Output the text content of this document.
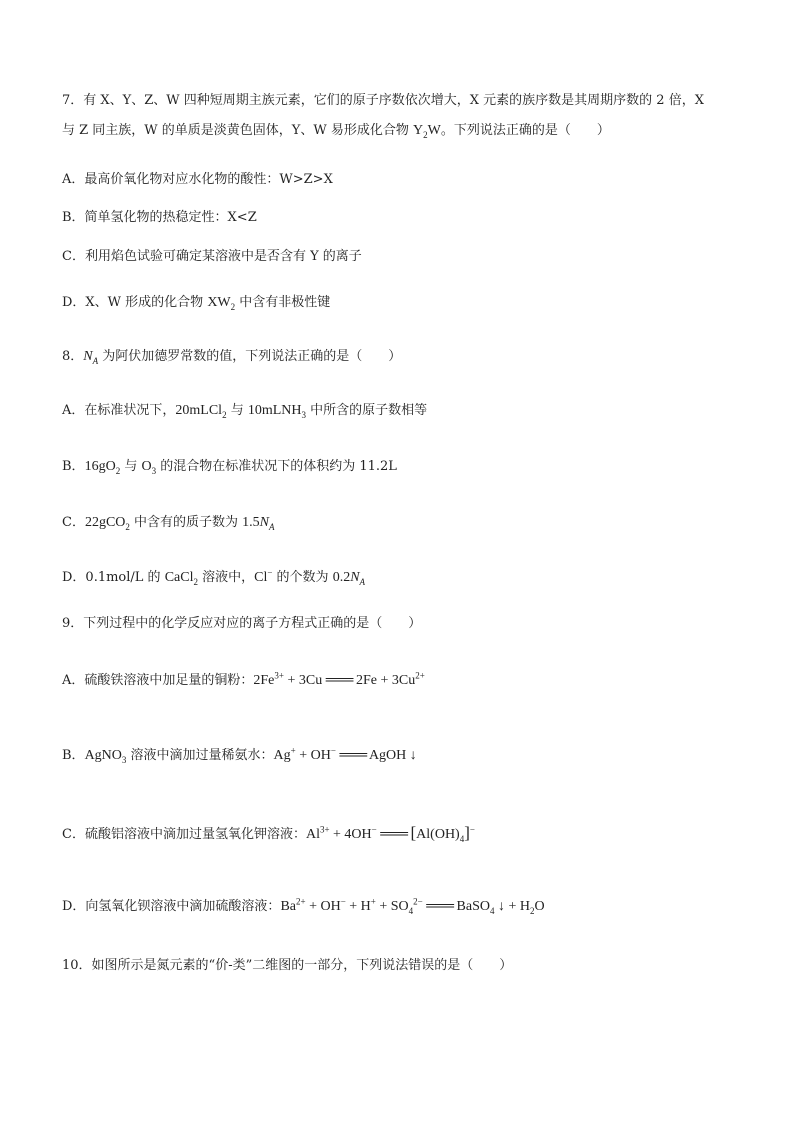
7．有 X、Y、Z、W 四种短周期主族元素，它们的原子序数依次增大，X 元素的族序数是其周期序数的 2 倍，X
与 Z 同主族，W 的单质是淡黄色固体，Y、W 易形成化合物 $Y_2W$。下列说法正确的是（　　）
A．最高价氧化物对应水化物的酸性：W>Z>X
B．简单氢化物的热稳定性：X<Z
C．利用焰色试验可确定某溶液中是否含有 Y 的离子
D．X、W 形成的化合物 $XW_2$ 中含有非极性键
8．$N_A$ 为阿伏加德罗常数的值，下列说法正确的是（　　）
A．在标准状况下，20mLCl$_2$ 与 10mLNH$_3$ 中所含的原子数相等
B．$16gO_2$ 与 $O_3$ 的混合物在标准状况下的体积约为 11.2L
C．22gCO$_2$ 中含有的质子数为 $1.5N_A$
D．0.1mol/L 的 CaCl$_2$ 溶液中，Cl− 的个数为 $0.2N_A$
9．下列过程中的化学反应对应的离子方程式正确的是（　　）
A．硫酸铁溶液中加足量的铜粉：$2Fe^{3+} + 3Cu$ ═══ $2Fe + 3Cu^{2+}$
B．AgNO$_3$ 溶液中滴加过量稀氨水：Ag+ + OH− ═══ AgOH ↓
C．硫酸铝溶液中滴加过量氢氧化钾溶液：$Al^{3+} + 4OH^-$ ═══ $[Al(OH)_4]^-$
D．向氢氧化钡溶液中滴加硫酸溶液：$Ba^{2+} + OH^- + H^+ + SO_4^{2-}$ ═══ BaSO$_4$ ↓ + $H_2O$
10．如图所示是氮元素的“价-类”二维图的一部分，下列说法错误的是（　　）
